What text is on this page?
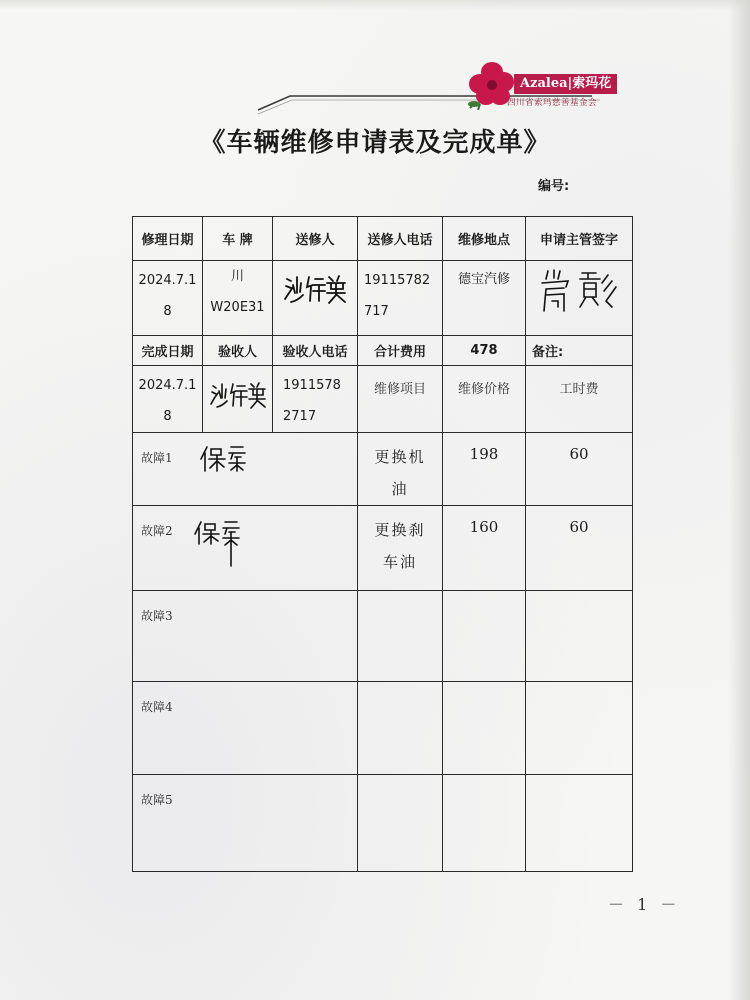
Azalea|索玛花
四川省索玛慈善基金会
《车辆维修申请表及完成单》
编号:
修理日期	车 牌	送修人	送修人电话	维修地点	申请主管签字
2024.7.18	川 W20E31		19115782717	德宝汽修	

完成日期	验收人	验收人电话	合计费用	478	备注:
2024.7.18		19115782717	维修项目	维修价格	工时费

故障1			更换机油	198	60

故障2			更换刹车油	160	60

故障3					

故障4					

故障5					

－ 1 －
